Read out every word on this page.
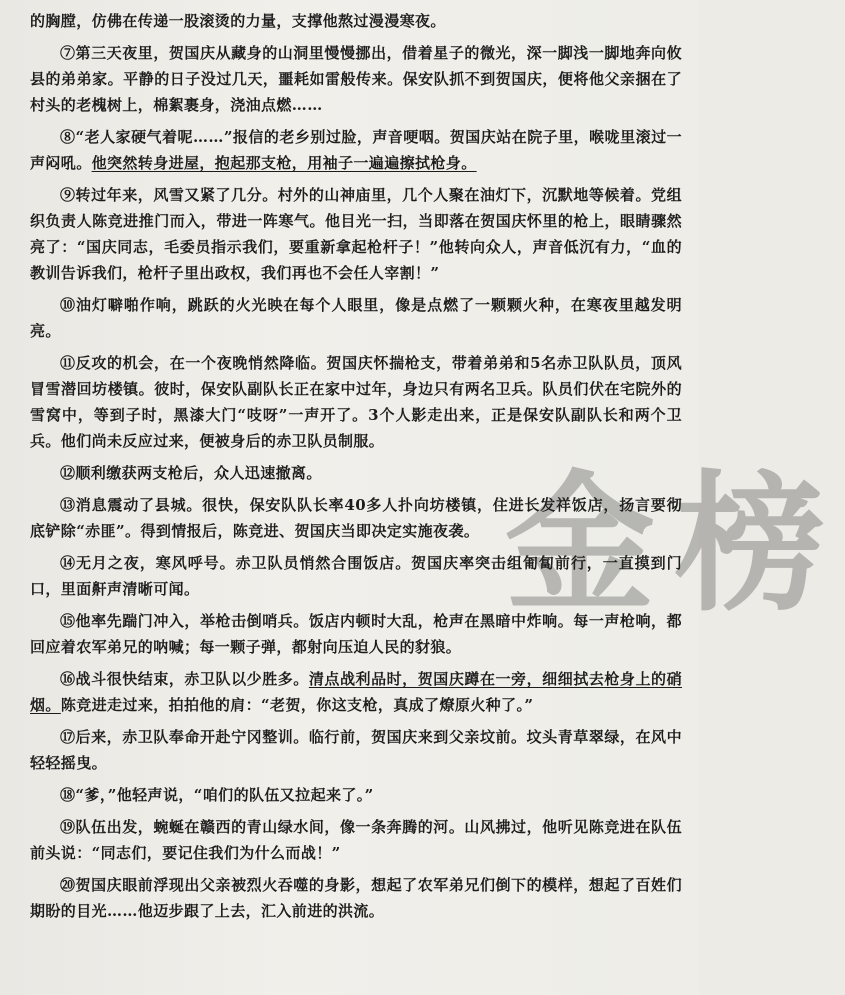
的胸膛，仿佛在传递一股滚烫的力量，支撑他熬过漫漫寒夜。

⑦第三天夜里，贺国庆从藏身的山洞里慢慢挪出，借着星子的微光，深一脚浅一脚地奔向攸县的弟弟家。平静的日子没过几天，噩耗如雷般传来。保安队抓不到贺国庆，便将他父亲捆在了村头的老槐树上，棉絮裹身，浇油点燃……

⑧“老人家硬气着呢……”报信的老乡别过脸，声音哽咽。贺国庆站在院子里，喉咙里滚过一声闷吼。他突然转身进屋，抱起那支枪，用袖子一遍遍擦拭枪身。

⑨转过年来，风雪又紧了几分。村外的山神庙里，几个人聚在油灯下，沉默地等候着。党组织负责人陈竞进推门而入，带进一阵寒气。他目光一扫，当即落在贺国庆怀里的枪上，眼睛骤然亮了：“国庆同志，毛委员指示我们，要重新拿起枪杆子！”他转向众人，声音低沉有力，“血的教训告诉我们，枪杆子里出政权，我们再也不会任人宰割！”

⑩油灯噼啪作响，跳跃的火光映在每个人眼里，像是点燃了一颗颗火种，在寒夜里越发明亮。

⑪反攻的机会，在一个夜晚悄然降临。贺国庆怀揣枪支，带着弟弟和5名赤卫队队员，顶风冒雪潜回坊楼镇。彼时，保安队副队长正在家中过年，身边只有两名卫兵。队员们伏在宅院外的雪窝中，等到子时，黑漆大门“吱呀”一声开了。3个人影走出来，正是保安队副队长和两个卫兵。他们尚未反应过来，便被身后的赤卫队员制服。

⑫顺利缴获两支枪后，众人迅速撤离。

⑬消息震动了县城。很快，保安队队长率40多人扑向坊楼镇，住进长发祥饭店，扬言要彻底铲除“赤匪”。得到情报后，陈竞进、贺国庆当即决定实施夜袭。

⑭无月之夜，寒风呼号。赤卫队员悄然合围饭店。贺国庆率突击组匍匐前行，一直摸到门口，里面鼾声清晰可闻。

⑮他率先踹门冲入，举枪击倒哨兵。饭店内顿时大乱，枪声在黑暗中炸响。每一声枪响，都回应着农军弟兄的呐喊；每一颗子弹，都射向压迫人民的豺狼。

⑯战斗很快结束，赤卫队以少胜多。清点战利品时，贺国庆蹲在一旁，细细拭去枪身上的硝烟。陈竞进走过来，拍拍他的肩：“老贺，你这支枪，真成了燎原火种了。”

⑰后来，赤卫队奉命开赴宁冈整训。临行前，贺国庆来到父亲坟前。坟头青草翠绿，在风中轻轻摇曳。

⑱“爹，”他轻声说，“咱们的队伍又拉起来了。”

⑲队伍出发，蜿蜒在赣西的青山绿水间，像一条奔腾的河。山风拂过，他听见陈竞进在队伍前头说：“同志们，要记住我们为什么而战！”

⑳贺国庆眼前浮现出父亲被烈火吞噬的身影，想起了农军弟兄们倒下的模样，想起了百姓们期盼的目光……他迈步跟了上去，汇入前进的洪流。

金榜
